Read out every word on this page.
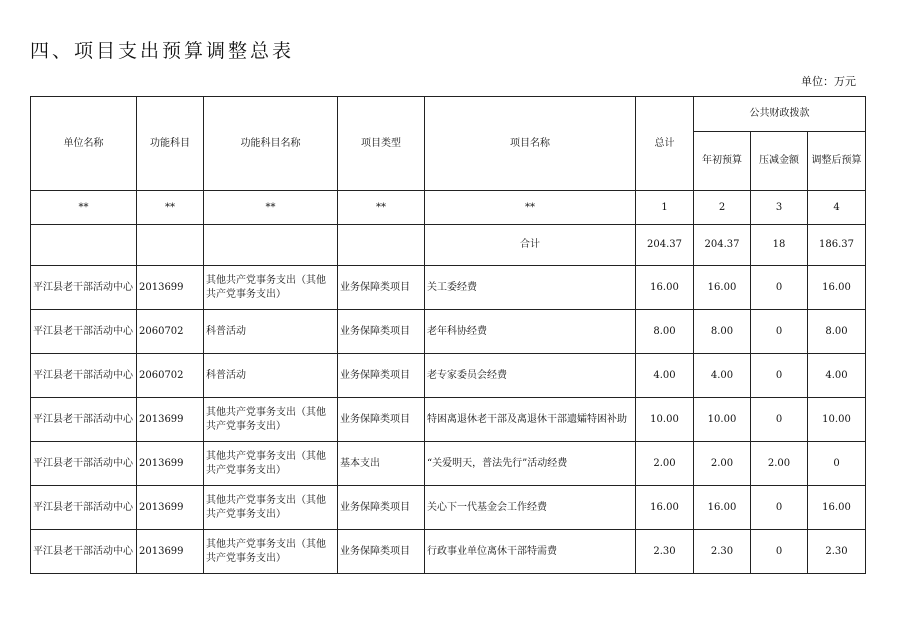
四、项目支出预算调整总表
单位：万元
单位名称	功能科目	功能科目名称	项目类型	项目名称	总计	公共财政拨款		
						年初预算	压减金额	调整后预算
**	**	**	**	**	1	2	3	4
				合计	204.37	204.37	18	186.37
平江县老干部活动中心	2013699	其他共产党事务支出（其他共产党事务支出）	业务保障类项目	关工委经费	16.00	16.00	0	16.00
平江县老干部活动中心	2060702	科普活动	业务保障类项目	老年科协经费	8.00	8.00	0	8.00
平江县老干部活动中心	2060702	科普活动	业务保障类项目	老专家委员会经费	4.00	4.00	0	4.00
平江县老干部活动中心	2013699	其他共产党事务支出（其他共产党事务支出）	业务保障类项目	特困离退休老干部及离退休干部遗孀特困补助	10.00	10.00	0	10.00
平江县老干部活动中心	2013699	其他共产党事务支出（其他共产党事务支出）	基本支出	“关爱明天，普法先行”活动经费	2.00	2.00	2.00	0
平江县老干部活动中心	2013699	其他共产党事务支出（其他共产党事务支出）	业务保障类项目	关心下一代基金会工作经费	16.00	16.00	0	16.00
平江县老干部活动中心	2013699	其他共产党事务支出（其他共产党事务支出）	业务保障类项目	行政事业单位离休干部特需费	2.30	2.30	0	2.30
